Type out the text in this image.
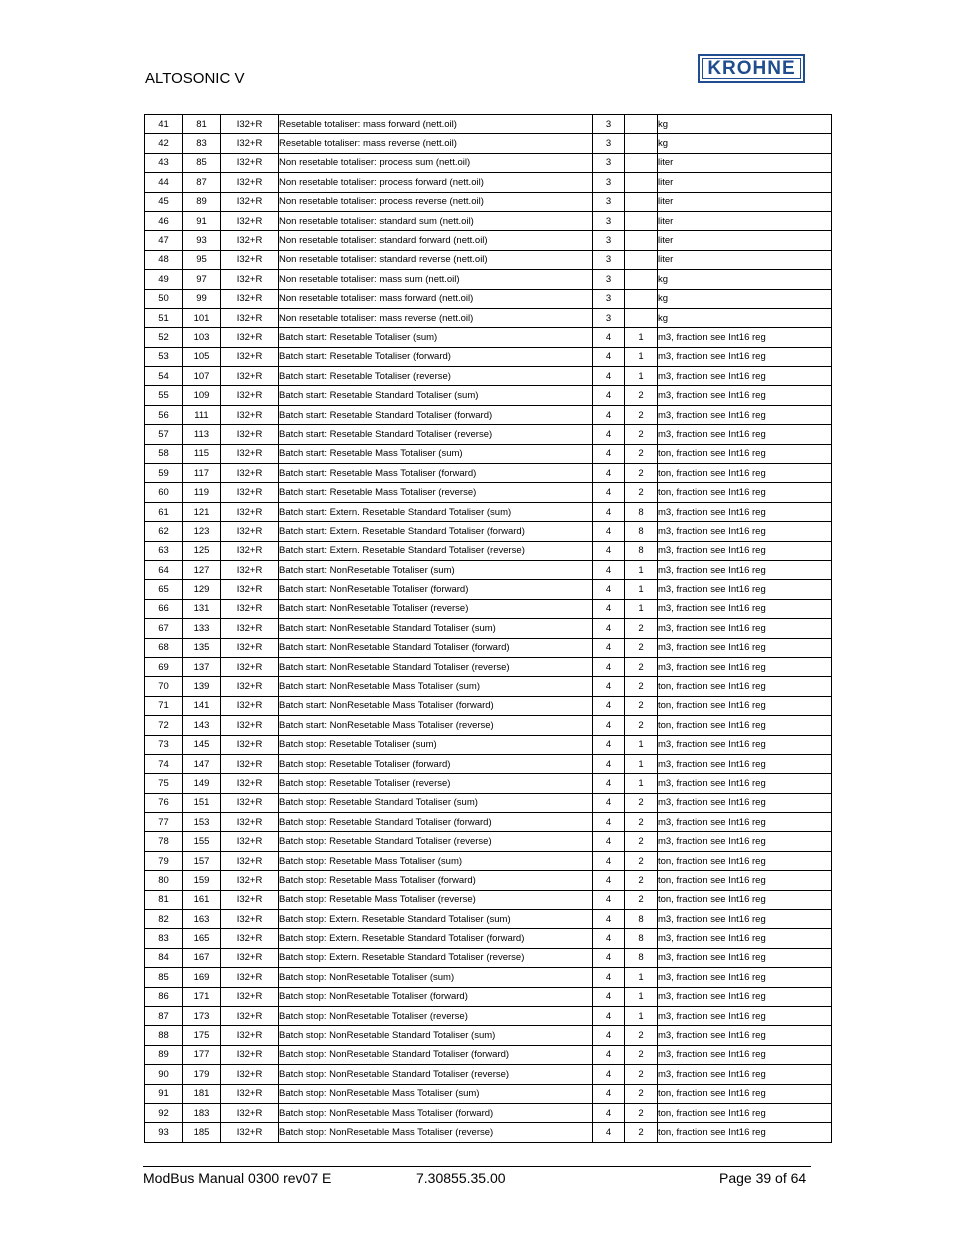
ALTOSONIC V	KROHNE
41	81	I32+R	Resetable totaliser: mass forward (nett.oil)	3		kg
42	83	I32+R	Resetable totaliser: mass reverse (nett.oil)	3		kg
43	85	I32+R	Non resetable totaliser: process sum (nett.oil)	3		liter
44	87	I32+R	Non resetable totaliser: process forward (nett.oil)	3		liter
45	89	I32+R	Non resetable totaliser: process reverse (nett.oil)	3		liter
46	91	I32+R	Non resetable totaliser: standard sum (nett.oil)	3		liter
47	93	I32+R	Non resetable totaliser: standard forward (nett.oil)	3		liter
48	95	I32+R	Non resetable totaliser: standard reverse (nett.oil)	3		liter
49	97	I32+R	Non resetable totaliser: mass sum (nett.oil)	3		kg
50	99	I32+R	Non resetable totaliser: mass forward (nett.oil)	3		kg
51	101	I32+R	Non resetable totaliser: mass reverse (nett.oil)	3		kg
52	103	I32+R	Batch start: Resetable Totaliser (sum)	4	1	m3, fraction see Int16 reg
53	105	I32+R	Batch start: Resetable Totaliser (forward)	4	1	m3, fraction see Int16 reg
54	107	I32+R	Batch start: Resetable Totaliser (reverse)	4	1	m3, fraction see Int16 reg
55	109	I32+R	Batch start: Resetable Standard Totaliser (sum)	4	2	m3, fraction see Int16 reg
56	111	I32+R	Batch start: Resetable Standard Totaliser (forward)	4	2	m3, fraction see Int16 reg
57	113	I32+R	Batch start: Resetable Standard Totaliser (reverse)	4	2	m3, fraction see Int16 reg
58	115	I32+R	Batch start: Resetable Mass Totaliser (sum)	4	2	ton, fraction see Int16 reg
59	117	I32+R	Batch start: Resetable Mass Totaliser (forward)	4	2	ton, fraction see Int16 reg
60	119	I32+R	Batch start: Resetable Mass Totaliser (reverse)	4	2	ton, fraction see Int16 reg
61	121	I32+R	Batch start: Extern. Resetable Standard Totaliser (sum)	4	8	m3, fraction see Int16 reg
62	123	I32+R	Batch start: Extern. Resetable Standard Totaliser (forward)	4	8	m3, fraction see Int16 reg
63	125	I32+R	Batch start: Extern. Resetable Standard Totaliser (reverse)	4	8	m3, fraction see Int16 reg
64	127	I32+R	Batch start: NonResetable Totaliser (sum)	4	1	m3, fraction see Int16 reg
65	129	I32+R	Batch start: NonResetable Totaliser (forward)	4	1	m3, fraction see Int16 reg
66	131	I32+R	Batch start: NonResetable Totaliser (reverse)	4	1	m3, fraction see Int16 reg
67	133	I32+R	Batch start: NonResetable Standard Totaliser (sum)	4	2	m3, fraction see Int16 reg
68	135	I32+R	Batch start: NonResetable Standard Totaliser (forward)	4	2	m3, fraction see Int16 reg
69	137	I32+R	Batch start: NonResetable Standard Totaliser (reverse)	4	2	m3, fraction see Int16 reg
70	139	I32+R	Batch start: NonResetable Mass Totaliser (sum)	4	2	ton, fraction see Int16 reg
71	141	I32+R	Batch start: NonResetable Mass Totaliser (forward)	4	2	ton, fraction see Int16 reg
72	143	I32+R	Batch start: NonResetable Mass Totaliser (reverse)	4	2	ton, fraction see Int16 reg
73	145	I32+R	Batch stop: Resetable Totaliser (sum)	4	1	m3, fraction see Int16 reg
74	147	I32+R	Batch stop: Resetable Totaliser (forward)	4	1	m3, fraction see Int16 reg
75	149	I32+R	Batch stop: Resetable Totaliser (reverse)	4	1	m3, fraction see Int16 reg
76	151	I32+R	Batch stop: Resetable Standard Totaliser (sum)	4	2	m3, fraction see Int16 reg
77	153	I32+R	Batch stop: Resetable Standard Totaliser (forward)	4	2	m3, fraction see Int16 reg
78	155	I32+R	Batch stop: Resetable Standard Totaliser (reverse)	4	2	m3, fraction see Int16 reg
79	157	I32+R	Batch stop: Resetable Mass Totaliser (sum)	4	2	ton, fraction see Int16 reg
80	159	I32+R	Batch stop: Resetable Mass Totaliser (forward)	4	2	ton, fraction see Int16 reg
81	161	I32+R	Batch stop: Resetable Mass Totaliser (reverse)	4	2	ton, fraction see Int16 reg
82	163	I32+R	Batch stop: Extern. Resetable Standard Totaliser (sum)	4	8	m3, fraction see Int16 reg
83	165	I32+R	Batch stop: Extern. Resetable Standard Totaliser (forward)	4	8	m3, fraction see Int16 reg
84	167	I32+R	Batch stop: Extern. Resetable Standard Totaliser (reverse)	4	8	m3, fraction see Int16 reg
85	169	I32+R	Batch stop: NonResetable Totaliser (sum)	4	1	m3, fraction see Int16 reg
86	171	I32+R	Batch stop: NonResetable Totaliser (forward)	4	1	m3, fraction see Int16 reg
87	173	I32+R	Batch stop: NonResetable Totaliser (reverse)	4	1	m3, fraction see Int16 reg
88	175	I32+R	Batch stop: NonResetable Standard Totaliser (sum)	4	2	m3, fraction see Int16 reg
89	177	I32+R	Batch stop: NonResetable Standard Totaliser (forward)	4	2	m3, fraction see Int16 reg
90	179	I32+R	Batch stop: NonResetable Standard Totaliser (reverse)	4	2	m3, fraction see Int16 reg
91	181	I32+R	Batch stop: NonResetable Mass Totaliser (sum)	4	2	ton, fraction see Int16 reg
92	183	I32+R	Batch stop: NonResetable Mass Totaliser (forward)	4	2	ton, fraction see Int16 reg
93	185	I32+R	Batch stop: NonResetable Mass Totaliser (reverse)	4	2	ton, fraction see Int16 reg
ModBus Manual 0300 rev07 E	7.30855.35.00	Page 39 of 64
